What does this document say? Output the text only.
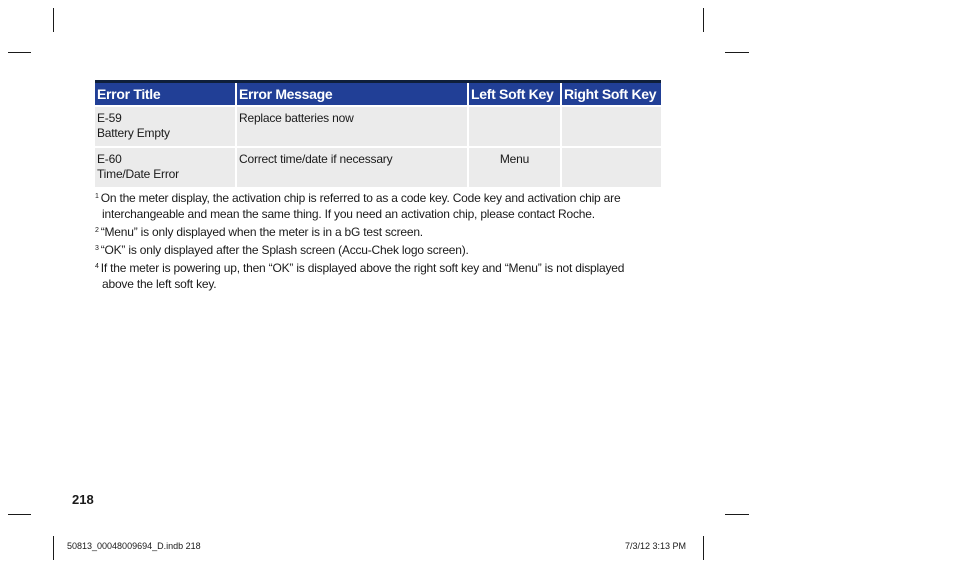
Error Title	Error Message	Left Soft Key	Right Soft Key

E-59
Battery Empty	Replace batteries now		

E-60
Time/Date Error	Correct time/date if necessary	Menu	
$^1$ On the meter display, the activation chip is referred to as a code key. Code key and activation chip are
interchangeable and mean the same thing. If you need an activation chip, please contact Roche.
$^2$ “Menu” is only displayed when the meter is in a bG test screen.
$^3$ “OK” is only displayed after the Splash screen (Accu-Chek logo screen).
$^4$ If the meter is powering up, then “OK” is displayed above the right soft key and “Menu” is not displayed
above the left soft key.
218
50813_00048009694_D.indb 218	7/3/12 3:13 PM
